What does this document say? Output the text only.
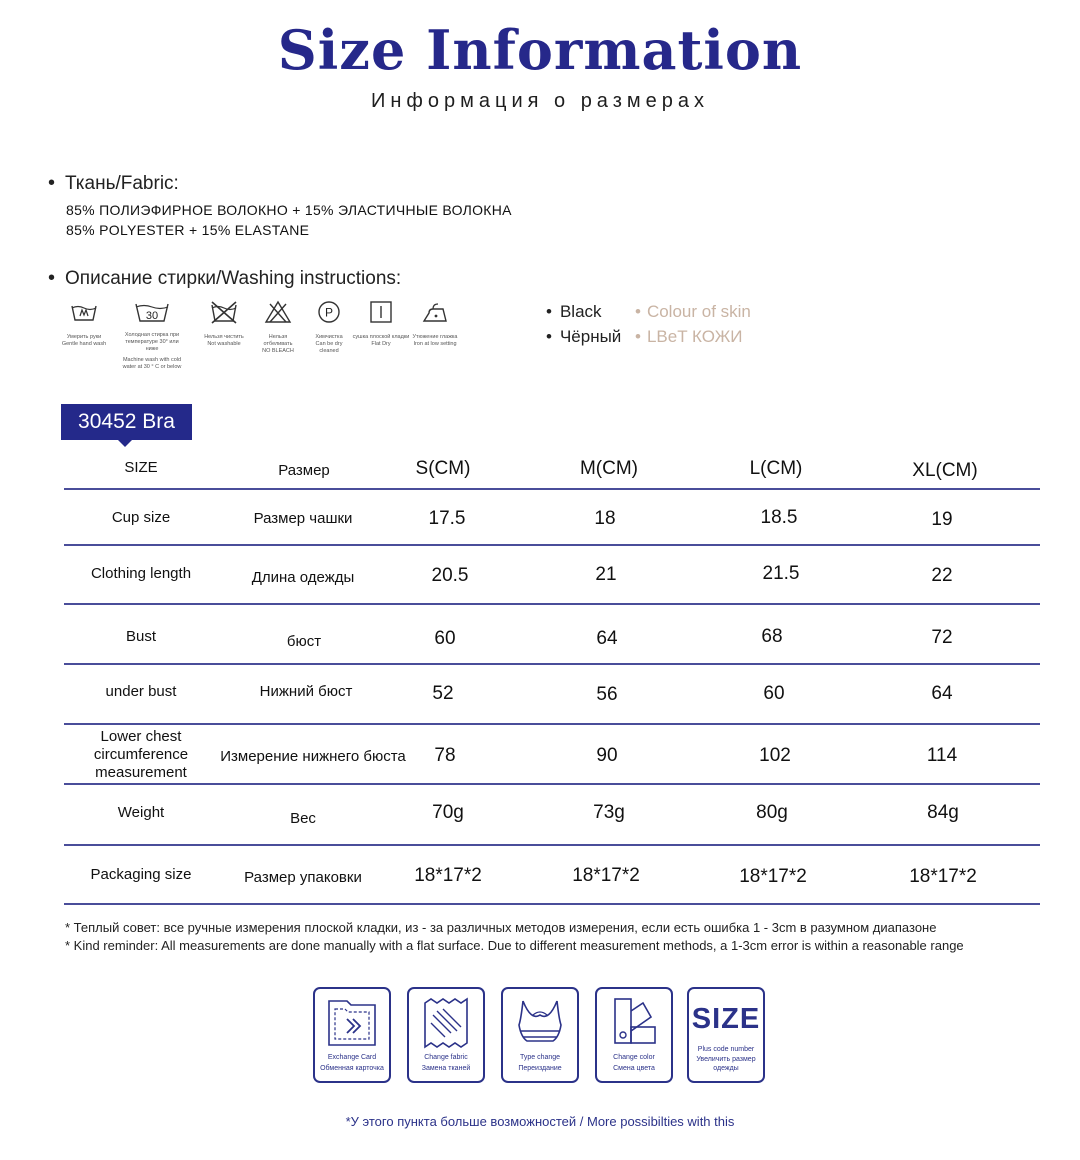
Size Information
Информация о размерах
• Ткань/Fabric:
85% ПОЛИЭФИРНОЕ ВОЛОКНО + 15% ЭЛАСТИЧНЫЕ ВОЛОКНА
85% POLYESTER + 15% ELASTANE
• Описание стирки/Washing instructions:
Умерить руки
Gentle hand wash
30
Холодная стирка при температуре 30° или ниже
Machine wash with cold water at 30 ° C or below
Нельзя чистить
Not washable
Нельзя отбеливать
NO BLEACH
P
Химчистка
Can be dry cleaned
сушка плоской кладки
Flat Dry
Утюжение глажка
Iron at low setting
• Black
• Чёрный
• Colour of skin
• LBeT КОЖИ
30452 Bra
SIZE	Размер	S(CM)	M(CM)	L(CM)	XL(CM)
Cup size	Размер чашки	17.5	18	18.5	19
Clothing length	Длина одежды	20.5	21	21.5	22
Bust	бюст	60	64	68	72
under bust	Нижний бюст	52	56	60	64
Lower chest
circumference
measurement
Измерение нижнего бюста 78	90	102	114
Weight	Вес	70g	73g	80g	84g
Packaging size	Размер упаковки	18*17*2	18*17*2	18*17*2	18*17*2
* Теплый совет: все ручные измерения плоской кладки, из - за различных методов измерения, если есть ошибка 1 - 3cm в разумном диапазоне
* Kind reminder: All measurements are done manually with a flat surface. Due to different measurement methods, a 1-3cm error is within a reasonable range
Exchange Card
Обменная карточка
Change fabric
Замена тканей
Type change
Переиздание
Change color
Смена цвета
SIZE
Plus code number
Увеличить размер одежды
*У этого пункта больше возможностей / More possibilties with this
